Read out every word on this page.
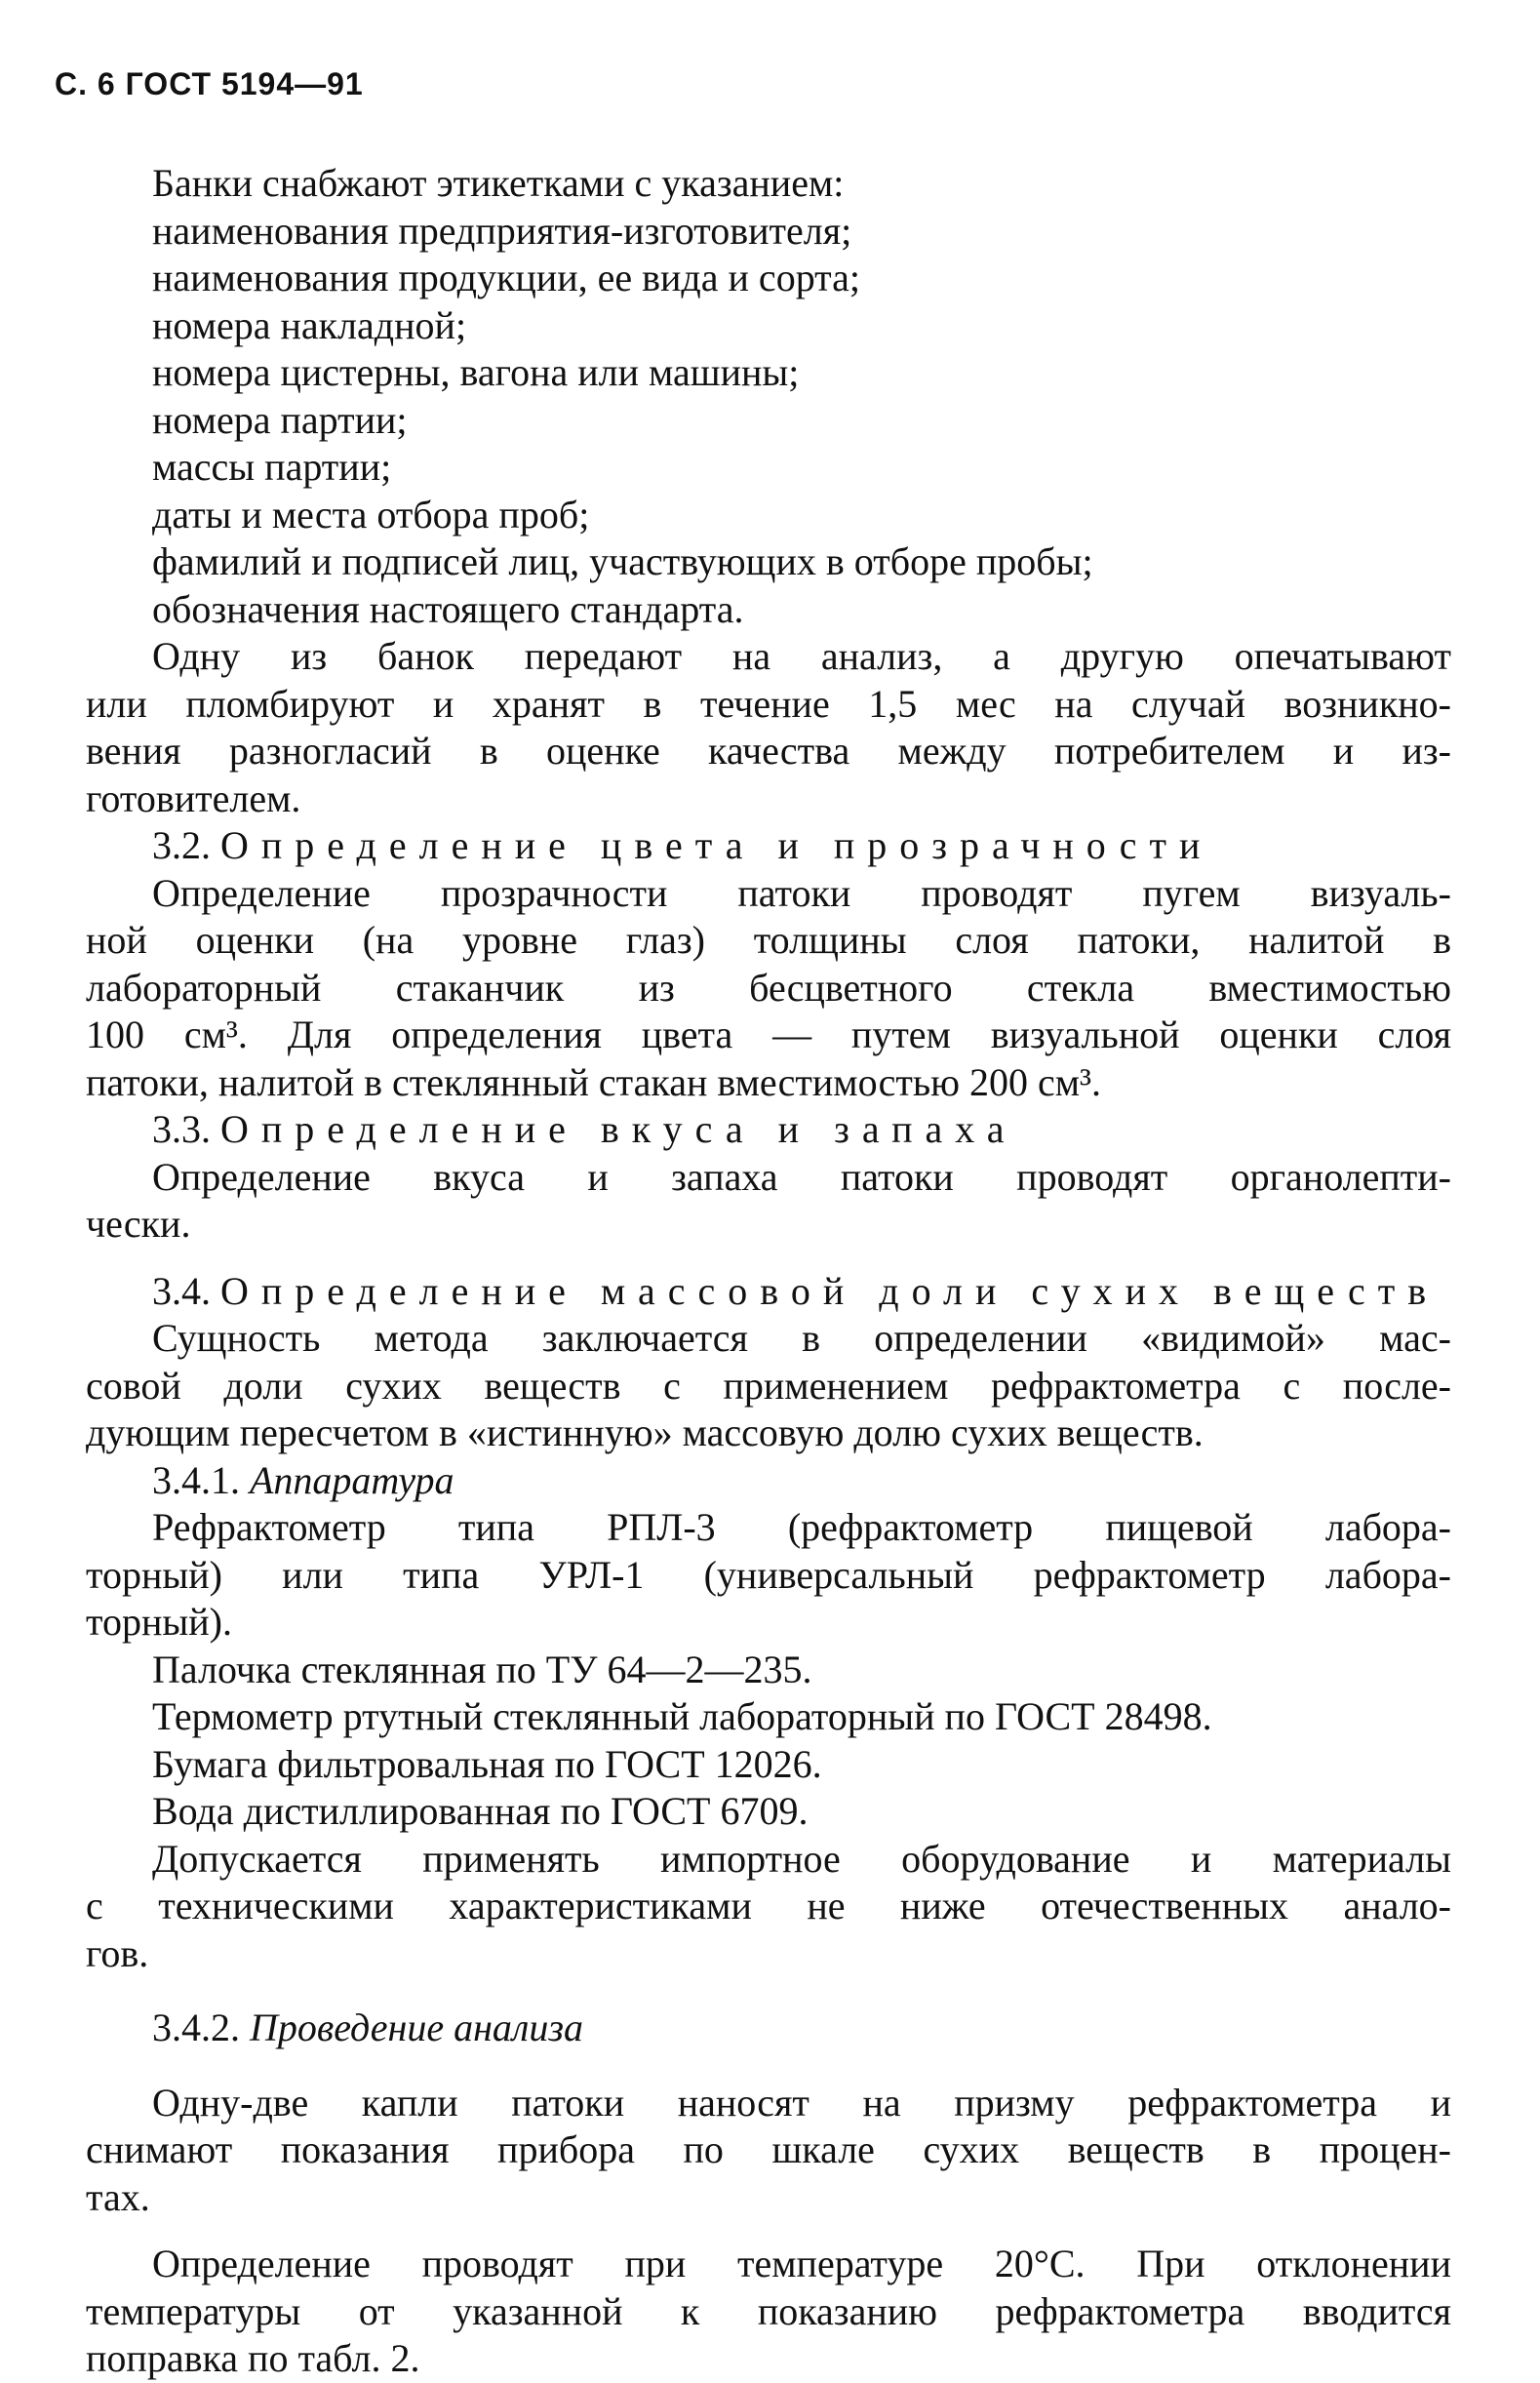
С. 6 ГОСТ 5194—91
Банки снабжают этикетками с указанием:
наименования предприятия-изготовителя;
наименования продукции, ее вида и сорта;
номера накладной;
номера цистерны, вагона или машины;
номера партии;
массы партии;
даты и места отбора проб;
фамилий и подписей лиц, участвующих в отборе пробы;
обозначения настоящего стандарта.
Одну из банок передают на анализ, а другую опечатывают
или пломбируют и хранят в течение 1,5 мес на случай возникно-
вения разногласий в оценке качества между потребителем и из-
готовителем.
3.2. Определение цвета и прозрачности
Определение прозрачности патоки проводят пугем визуаль-
ной оценки (на уровне глаз) толщины слоя патоки, налитой в
лабораторный стаканчик из бесцветного стекла вместимостью
100 см³. Для определения цвета — путем визуальной оценки слоя
патоки, налитой в стеклянный стакан вместимостью 200 см³.
3.3. Определение вкуса и запаха
Определение вкуса и запаха патоки проводят органолепти-
чески.
3.4. Определение массовой доли сухих веществ
Сущность метода заключается в определении «видимой» мас-
совой доли сухих веществ с применением рефрактометра с после-
дующим пересчетом в «истинную» массовую долю сухих веществ.
3.4.1. Аппаратура
Рефрактометр типа РПЛ-3 (рефрактометр пищевой лабора-
торный) или типа УРЛ-1 (универсальный рефрактометр лабора-
торный).
Палочка стеклянная по ТУ 64—2—235.
Термометр ртутный стеклянный лабораторный по ГОСТ 28498.
Бумага фильтровальная по ГОСТ 12026.
Вода дистиллированная по ГОСТ 6709.
Допускается применять импортное оборудование и материалы
с техническими характеристиками не ниже отечественных анало-
гов.
3.4.2. Проведение анализа
Одну-две капли патоки наносят на призму рефрактометра и
снимают показания прибора по шкале сухих веществ в процен-
тах.
Определение проводят при температуре 20°С. При отклонении
температуры от указанной к показанию рефрактометра вводится
поправка по табл. 2.
